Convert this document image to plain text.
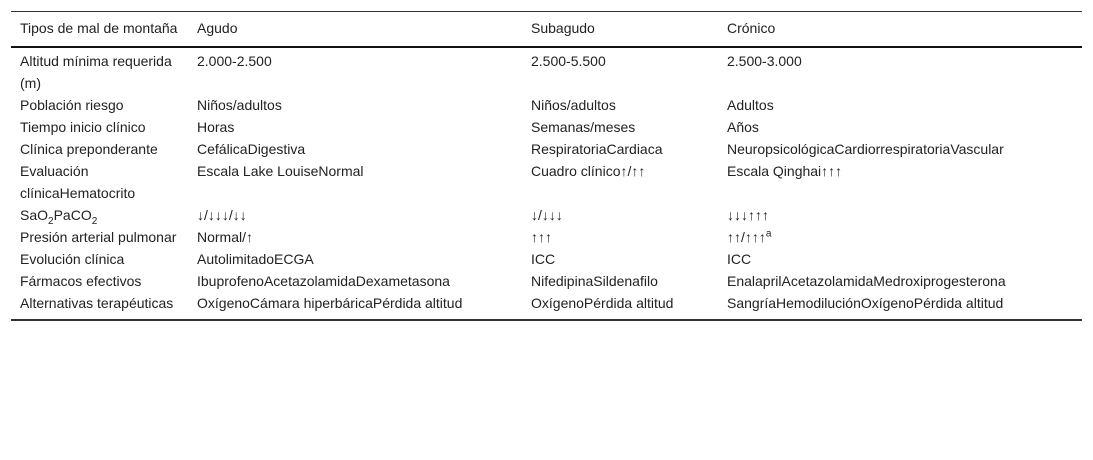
Tipos de mal de montaña	Agudo	Subagudo	Crónico
Altitud mínima requerida (m)	2.000-2.500	2.500-5.500	2.500-3.000
Población riesgo	Niños/adultos	Niños/adultos	Adultos
Tiempo inicio clínico	Horas	Semanas/meses	Años
Clínica preponderante	CefálicaDigestiva	RespiratoriaCardiaca	NeuropsicológicaCardiorrespiratoriaVascular
Evaluación clínicaHematocrito	Escala Lake LouiseNormal	Cuadro clínico↑/↑↑	Escala Qinghai↑↑↑
SaO$_2$PaCO$_2$	↓/↓↓↓/↓↓	↓/↓↓↓	↓↓↓↑↑↑
Presión arterial pulmonar	Normal/↑	↑↑↑	↑↑/↑↑↑$^a$
Evolución clínica	AutolimitadoECGA	ICC	ICC
Fármacos efectivos	IbuprofenoAcetazolamidaDexametasona	NifedipinaSildenafilo	EnalaprilAcetazolamidaMedroxiprogesterona
Alternativas terapéuticas	OxígenoCámara hiperbáricaPérdida altitud	OxígenoPérdida altitud	SangríaHemodiluciónOxígenoPérdida altitud
